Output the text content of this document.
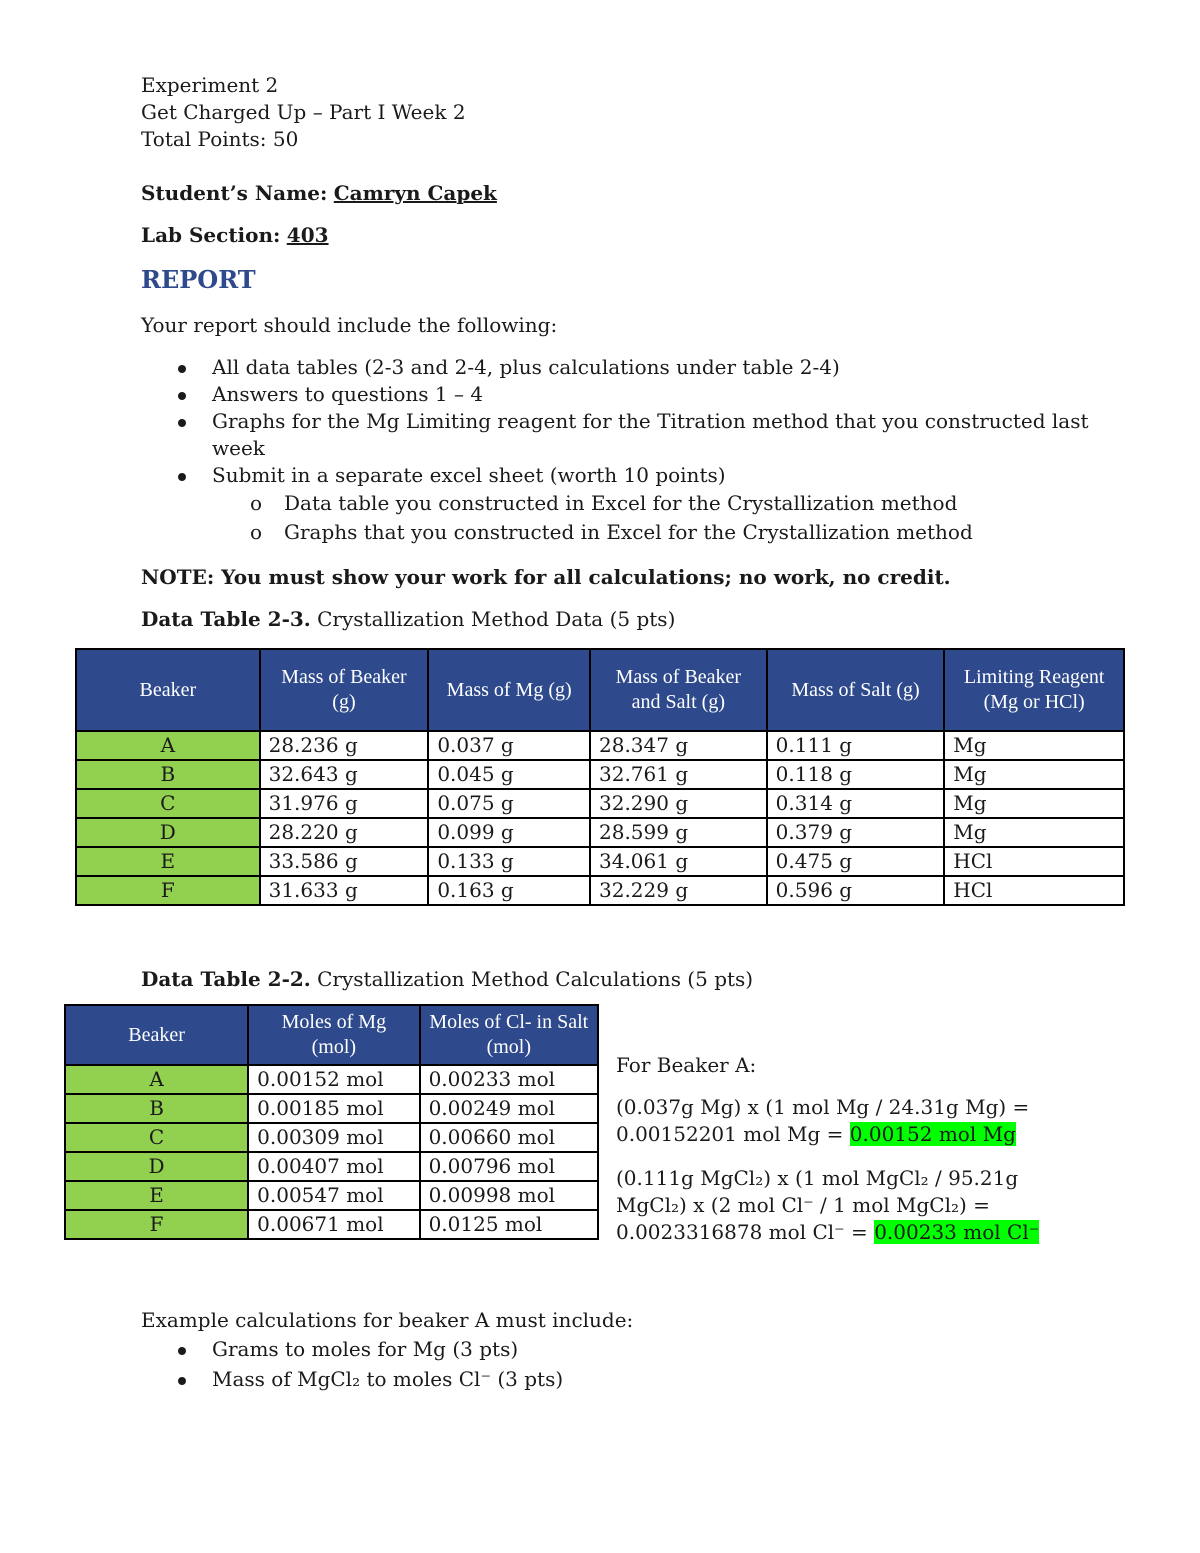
Experiment 2
Get Charged Up – Part I Week 2
Total Points: 50
Student’s Name: Camryn Capek
Lab Section: 403
REPORT
Your report should include the following:
All data tables (2-3 and 2-4, plus calculations under table 2-4)
Answers to questions 1 – 4
Graphs for the Mg Limiting reagent for the Titration method that you constructed last
week
Submit in a separate excel sheet (worth 10 points)
o Data table you constructed in Excel for the Crystallization method
o Graphs that you constructed in Excel for the Crystallization method
NOTE: You must show your work for all calculations; no work, no credit.
Data Table 2-3. Crystallization Method Data (5 pts)
Beaker	Mass of Beaker (g)	Mass of Mg (g)	Mass of Beaker and Salt (g)	Mass of Salt (g)	Limiting Reagent (Mg or HCl)
A	28.236 g	0.037 g	28.347 g	0.111 g	Mg
B	32.643 g	0.045 g	32.761 g	0.118 g	Mg
C	31.976 g	0.075 g	32.290 g	0.314 g	Mg
D	28.220 g	0.099 g	28.599 g	0.379 g	Mg
E	33.586 g	0.133 g	34.061 g	0.475 g	HCl
F	31.633 g	0.163 g	32.229 g	0.596 g	HCl
Data Table 2-2. Crystallization Method Calculations (5 pts)
Beaker	Moles of Mg (mol)	Moles of Cl- in Salt (mol)
A	0.00152 mol	0.00233 mol
B	0.00185 mol	0.00249 mol
C	0.00309 mol	0.00660 mol
D	0.00407 mol	0.00796 mol
E	0.00547 mol	0.00998 mol
F	0.00671 mol	0.0125 mol
For Beaker A:
(0.037g Mg) x (1 mol Mg / 24.31g Mg) =
0.00152201 mol Mg = 0.00152 mol Mg
(0.111g MgCl₂) x (1 mol MgCl₂ / 95.21g
MgCl₂) x (2 mol Cl⁻ / 1 mol MgCl₂) =
0.0023316878 mol Cl⁻ = 0.00233 mol Cl⁻
Example calculations for beaker A must include:
Grams to moles for Mg (3 pts)
Mass of MgCl₂ to moles Cl⁻ (3 pts)
